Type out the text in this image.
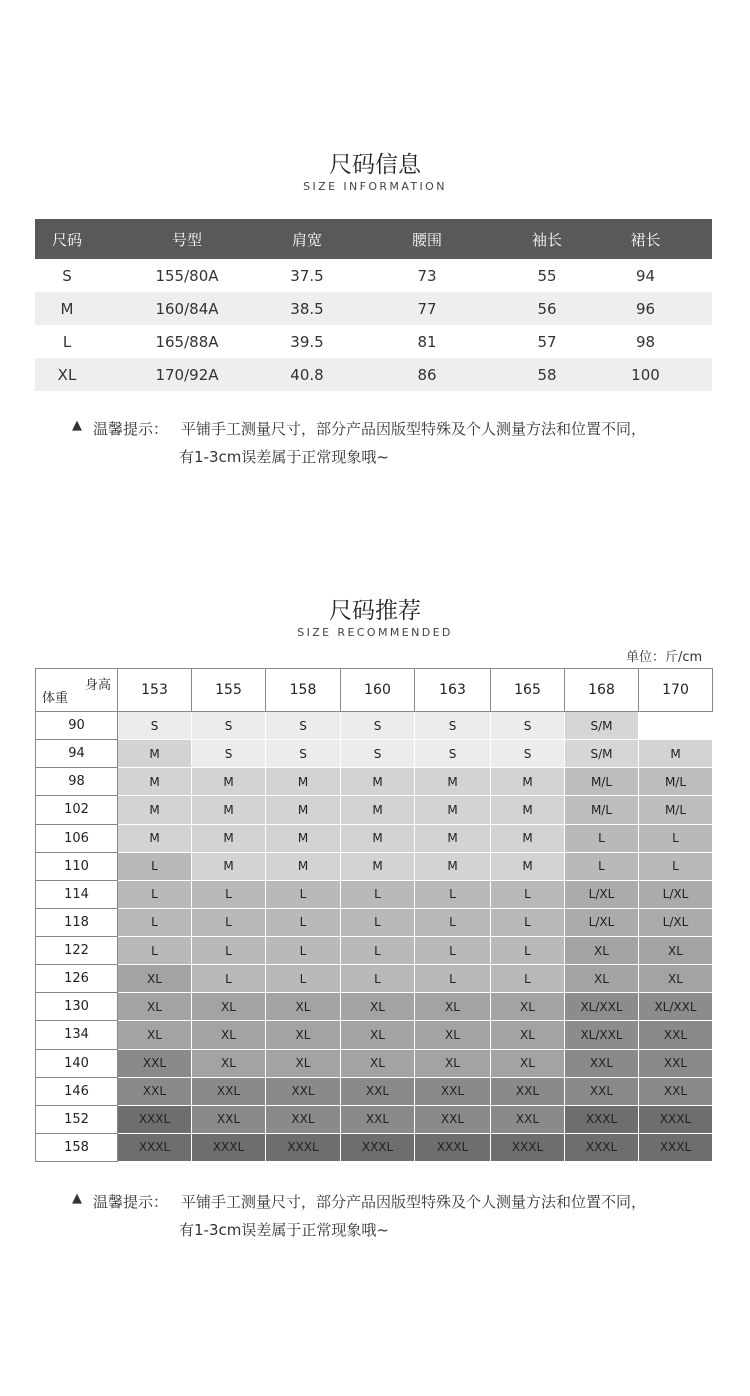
尺码信息
SIZE INFORMATION
尺码	号型	肩宽	腰围	袖长	裙长
S	155/80A	37.5	73	55	94
M	160/84A	38.5	77	56	96
L	165/88A	39.5	81	57	98
XL	170/92A	40.8	86	58	100
▲ 温馨提示： 平铺手工测量尺寸，部分产品因版型特殊及个人测量方法和位置不同，
有1-3cm误差属于正常现象哦~
尺码推荐
SIZE RECOMMENDED
单位：斤/cm
身高
体重	153	155	158	160	163	165	168	170
90	S	S	S	S	S	S	S/M	
94	M	S	S	S	S	S	S/M	M
98	M	M	M	M	M	M	M/L	M/L
102	M	M	M	M	M	M	M/L	M/L
106	M	M	M	M	M	M	L	L
110	L	M	M	M	M	M	L	L
114	L	L	L	L	L	L	L/XL	L/XL
118	L	L	L	L	L	L	L/XL	L/XL
122	L	L	L	L	L	L	XL	XL
126	XL	L	L	L	L	L	XL	XL
130	XL	XL	XL	XL	XL	XL	XL/XXL	XL/XXL
134	XL	XL	XL	XL	XL	XL	XL/XXL	XXL
140	XXL	XL	XL	XL	XL	XL	XXL	XXL
146	XXL	XXL	XXL	XXL	XXL	XXL	XXL	XXL
152	XXXL	XXL	XXL	XXL	XXL	XXL	XXXL	XXXL
158	XXXL	XXXL	XXXL	XXXL	XXXL	XXXL	XXXL	XXXL
▲ 温馨提示： 平铺手工测量尺寸，部分产品因版型特殊及个人测量方法和位置不同，
有1-3cm误差属于正常现象哦~
